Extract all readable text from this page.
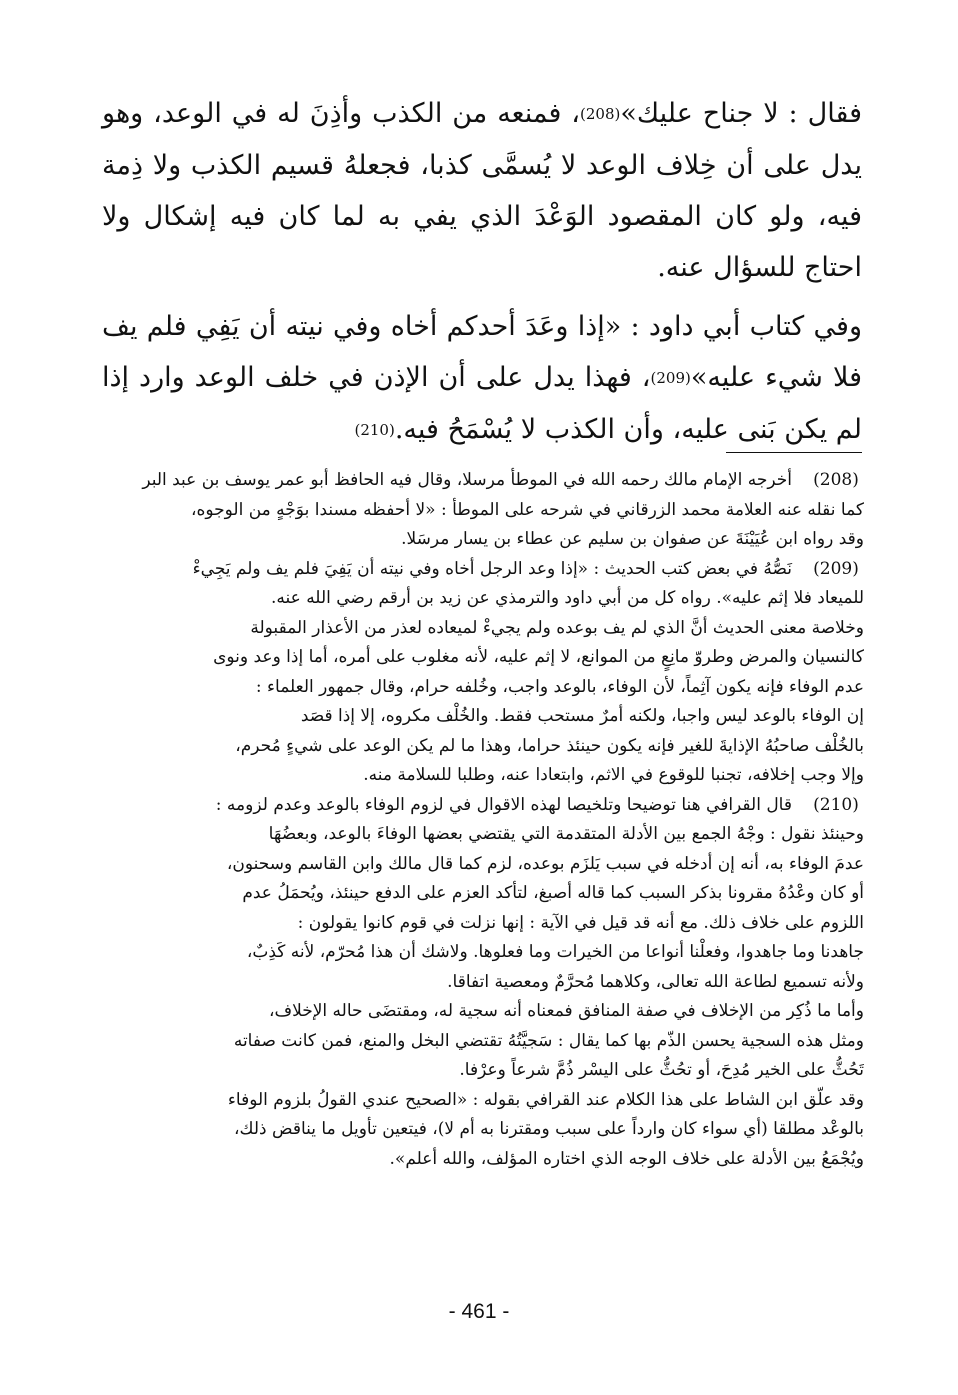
فقال : لا جناح عليك»(208)، فمنعه من الكذب وأذِنَ له في الوعد، وهو يدل على أن خِلاف الوعد لا يُسمَّى كذبا، فجعلهُ قسيم الكذب ولا ذِمة فيه، ولو كان المقصود الوَعْدَ الذي يفي به لما كان فيه إشكال ولا احتاج للسؤال عنه.

وفي كتاب أبي داود : «إذا وعَدَ أحدكم أخاه وفي نيته أن يَفِي فلم يف فلا شيء عليه»(209)، فهذا يدل على أن الإذن في خلف الوعد وارد إذا لم يكن بَنى عليه، وأن الكذب لا يُسْمَحُ فيه.(210)

(208)
أخرجه الإمام مالك رحمه الله في الموطأ مرسلا، وقال فيه الحافظ أبو عمر يوسف بن عبد البر
كما نقله عنه العلامة محمد الزرقاني في شرحه على الموطأ : «لا أحفظه مسندا بوَجْهٍ من الوجوه،
وقد رواه ابن عُيَيْنَةَ عن صفوان بن سليم عن عطاء بن يسار مرسَلا.
(209)
نَصُّهُ في بعض كتب الحديث : «إذا وعد الرجل أخاه وفي نيته أن يَفِيَ فلم يف ولم يَجِيءْ
للميعاد فلا إثم عليه». رواه كل من أبي داود والترمذي عن زيد بن أرقم رضي الله عنه.
وخلاصة معنى الحديث أنَّ الذي لم يف بوعده ولم يجيءْ لميعاده لعذر من الأعذار المقبولة
كالنسيان والمرض وطروّ مانِعٍ من الموانع، لا إثم عليه، لأنه مغلوب على أمره، أما إذا وعد ونوى
عدم الوفاء فإنه يكون آثِماً، لأن الوفاء، بالوعد واجب، وخُلفه حرام، وقال جمهور العلماء :
إن الوفاء بالوعد ليس واجبا، ولكنه أمرٌ مستحب فقط. والخُلْف مكروه، إلا إذا قصَد
بالخُلْف صاحبُهُ الإذايةَ للغير فإنه يكون حينئذ حراما، وهذا ما لم يكن الوعد على شيءٍ مُحرم،
وإلا وجب إخلافه، تجنبا للوقوع في الاثم، وابتعادا عنه، وطلبا للسلامة منه.
(210)
قال القرافي هنا توضيحا وتلخيصا لهذه الاقوال في لزوم الوفاء بالوعد وعدم لزومه :
وحينئذ نقول : وجْهُ الجمع بين الأدلة المتقدمة التي يقتضي بعضها الوفاءَ بالوعد، وبعضُهَا
عدمَ الوفاء به، أنه إن أدخله في سبب يَلزَم بوعده، لزم كما قال مالك وابن القاسم وسحنون،
أو كان وعْدُهُ مقرونا بذكر السبب كما قاله أصبغ، لتأكد العزم على الدفع حينئذ، ويُحمَلُ عدم
اللزوم على خلاف ذلك. مع أنه قد قيل في الآية : إنها نزلت في قوم كانوا يقولون :
جاهدنا وما جاهدوا، وفعلْنا أنواعا من الخيرات وما فعلوها. ولاشك أن هذا مُحرّم، لأنه كَذِبٌ،
ولأنه تسميع لطاعة الله تعالى، وكلاهما مُحرَّمٌ ومعصية اتفاقا.
وأما ما ذُكِر من الإخلاف في صفة المنافق فمعناه أنه سجية له، ومقتضَى حاله الإخلاف،
ومثل هذه السجية يحسن الذّم بها كما يقال : سَجيَّتُهُ تقتضي البخل والمنع، فمن كانت صفاته
تَحُثُّ على الخير مُدِحَ، أو تحُثُّ على اليسْر ذُمَّ شرعاً وعرْفا.
وقد علّق ابن الشاط على هذا الكلام عند القرافي بقوله : «الصحيح عندي القولُ بلزوم الوفاء
بالوعْد مطلقا (أي سواء كان وارداً على سبب ومقترنا به أم لا)، فيتعين تأويل ما يناقض ذلك،
ويُجْمَعُ بين الأدلة على خلاف الوجه الذي اختاره المؤلف، والله أعلم».
- 461 -
